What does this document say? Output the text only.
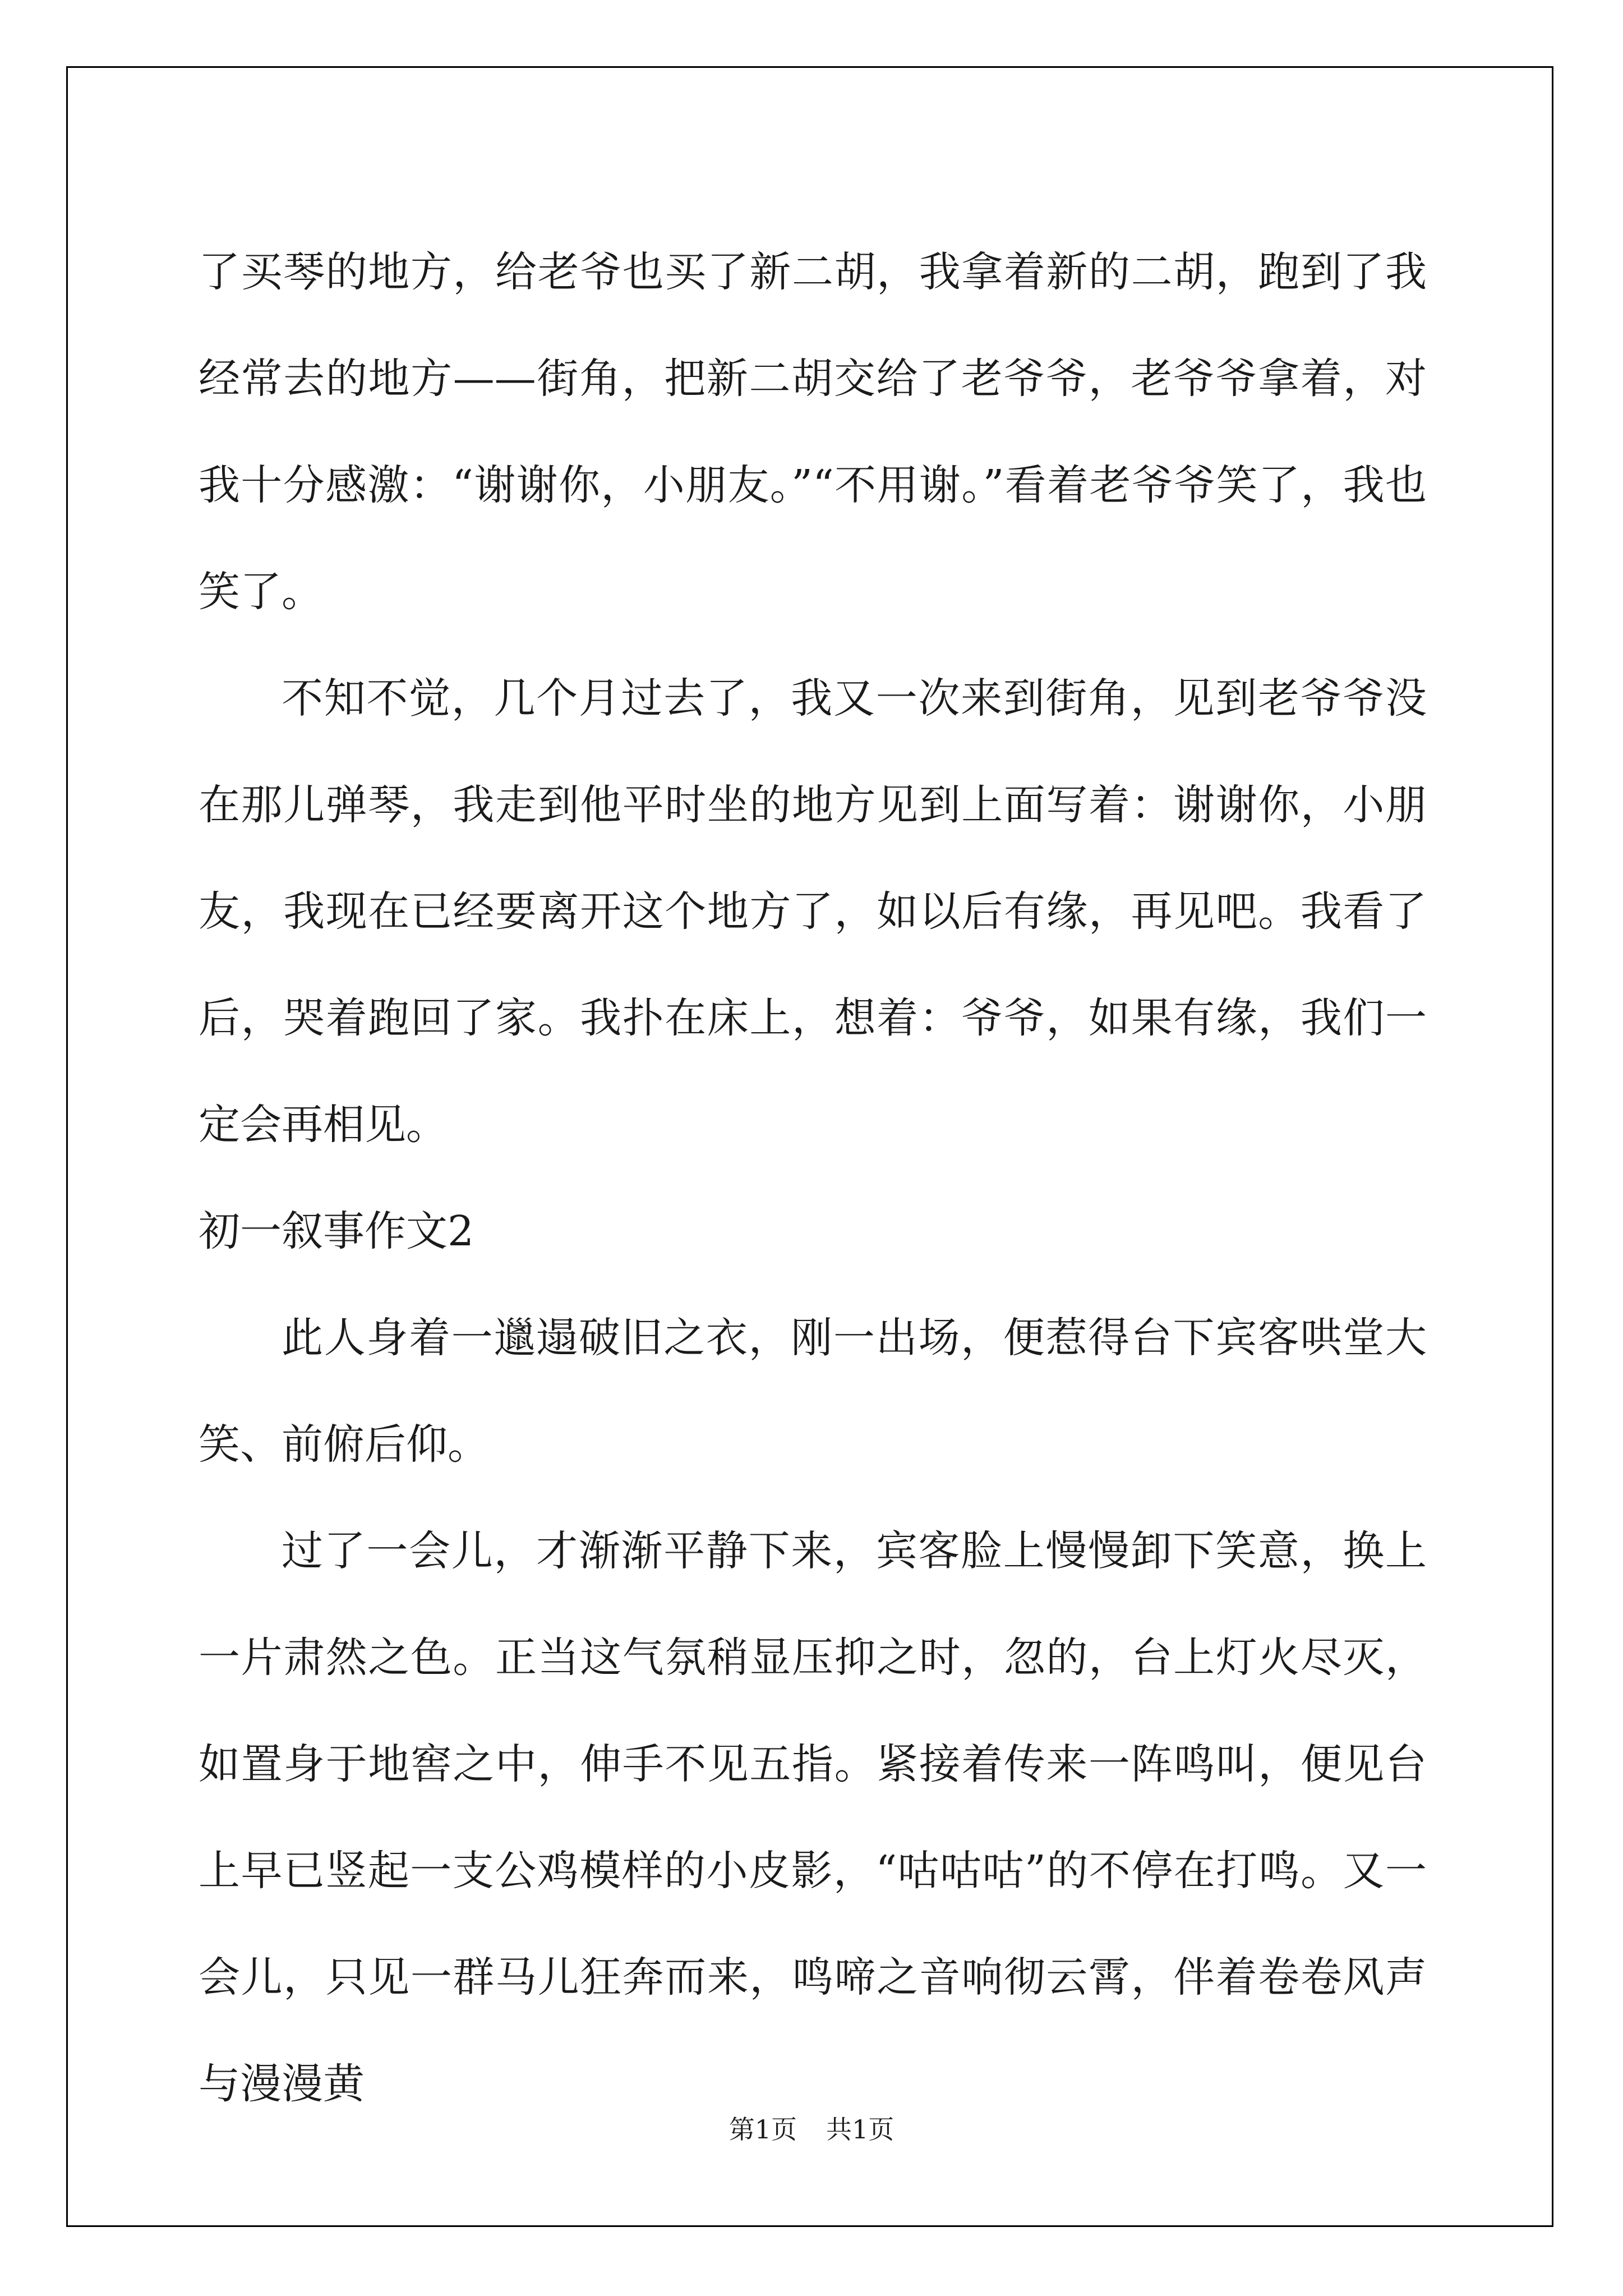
了买琴的地方，给老爷也买了新二胡，我拿着新的二胡，跑到了我经常去的地方——街角，把新二胡交给了老爷爷，老爷爷拿着，对我十分感激：“谢谢你，小朋友。”“不用谢。”看着老爷爷笑了，我也笑了。

不知不觉，几个月过去了，我又一次来到街角，见到老爷爷没在那儿弹琴，我走到他平时坐的地方见到上面写着：谢谢你，小朋友，我现在已经要离开这个地方了，如以后有缘，再见吧。我看了后，哭着跑回了家。我扑在床上，想着：爷爷，如果有缘，我们一定会再相见。

初一叙事作文2

此人身着一邋遢破旧之衣，刚一出场，便惹得台下宾客哄堂大笑、前俯后仰。

过了一会儿，才渐渐平静下来，宾客脸上慢慢卸下笑意，换上一片肃然之色。正当这气氛稍显压抑之时，忽的，台上灯火尽灭，如置身于地窖之中，伸手不见五指。紧接着传来一阵鸣叫，便见台上早已竖起一支公鸡模样的小皮影，“咕咕咕”的不停在打鸣。又一会儿，只见一群马儿狂奔而来，鸣啼之音响彻云霄，伴着卷卷风声与漫漫黄

第1页 共1页
